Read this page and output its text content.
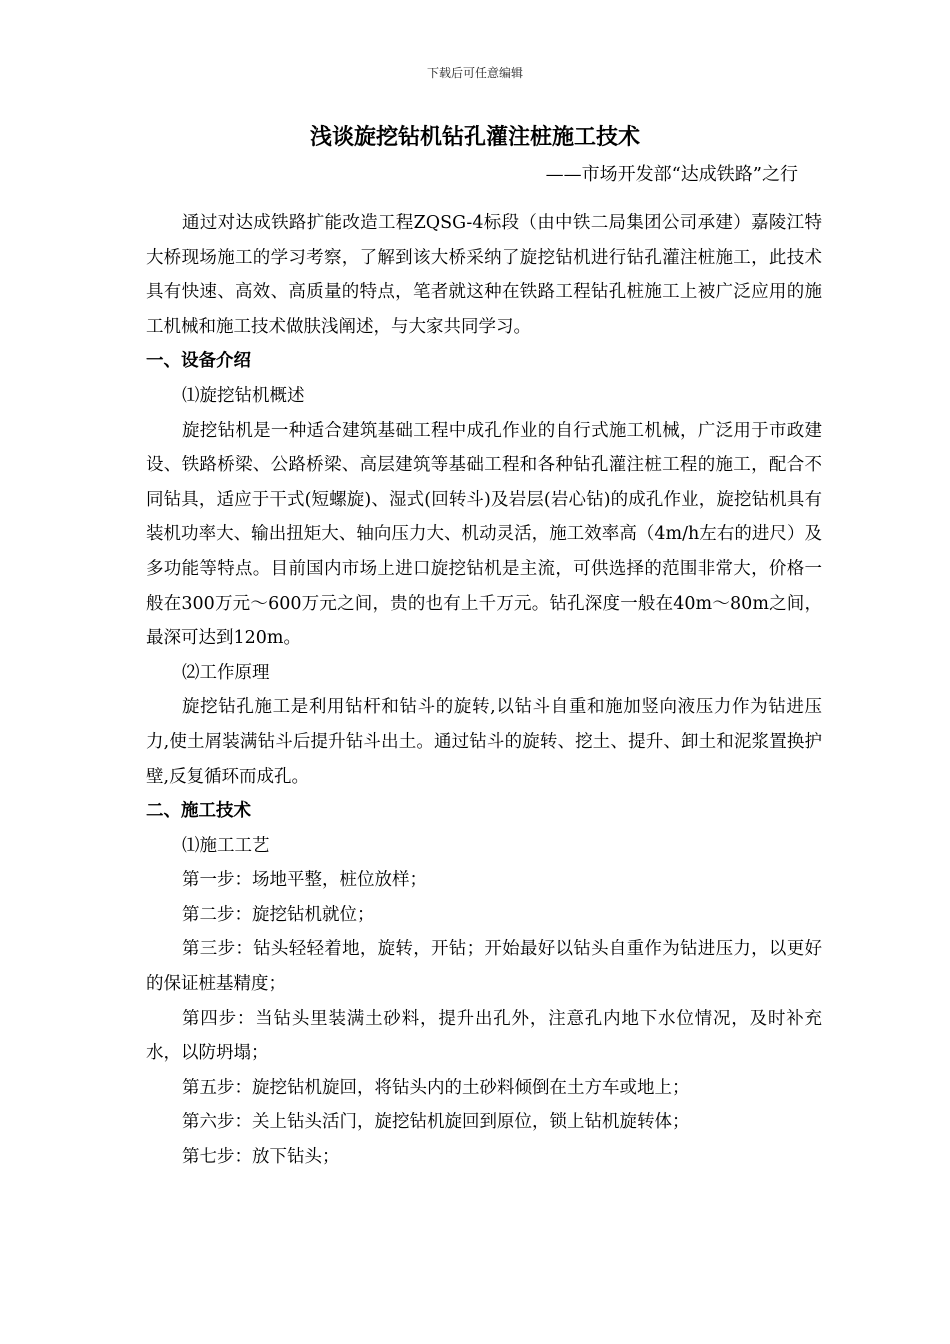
下载后可任意编辑
浅谈旋挖钻机钻孔灌注桩施工技术
——市场开发部“达成铁路”之行

通过对达成铁路扩能改造工程ZQSG-4标段（由中铁二局集团公司承建）嘉陵江特大桥现场施工的学习考察，了解到该大桥采纳了旋挖钻机进行钻孔灌注桩施工，此技术具有快速、高效、高质量的特点，笔者就这种在铁路工程钻孔桩施工上被广泛应用的施工机械和施工技术做肤浅阐述，与大家共同学习。

一、设备介绍

⑴旋挖钻机概述

旋挖钻机是一种适合建筑基础工程中成孔作业的自行式施工机械，广泛用于市政建设、铁路桥梁、公路桥梁、高层建筑等基础工程和各种钻孔灌注桩工程的施工，配合不同钻具，适应于干式(短螺旋)、湿式(回转斗)及岩层(岩心钻)的成孔作业，旋挖钻机具有装机功率大、输出扭矩大、轴向压力大、机动灵活，施工效率高（4m/h左右的进尺）及多功能等特点。目前国内市场上进口旋挖钻机是主流，可供选择的范围非常大，价格一般在300万元～600万元之间，贵的也有上千万元。钻孔深度一般在40m～80m之间，最深可达到120m。

⑵工作原理

旋挖钻孔施工是利用钻杆和钻斗的旋转,以钻斗自重和施加竖向液压力作为钻进压力,使土屑装满钻斗后提升钻斗出土。通过钻斗的旋转、挖土、提升、卸土和泥浆置换护壁,反复循环而成孔。

二、施工技术

⑴施工工艺

第一步：场地平整，桩位放样；

第二步：旋挖钻机就位；

第三步：钻头轻轻着地，旋转，开钻；开始最好以钻头自重作为钻进压力，以更好的保证桩基精度；

第四步：当钻头里装满土砂料，提升出孔外，注意孔内地下水位情况，及时补充水，以防坍塌；

第五步：旋挖钻机旋回，将钻头内的土砂料倾倒在土方车或地上；

第六步：关上钻头活门，旋挖钻机旋回到原位，锁上钻机旋转体；

第七步：放下钻头；
